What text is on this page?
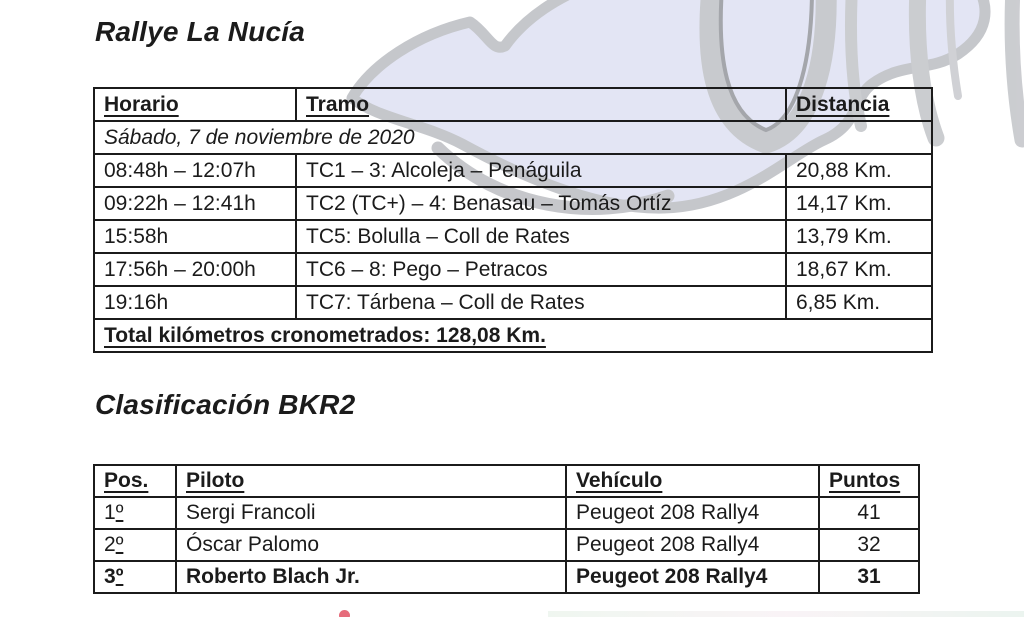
Rallye La Nucía
Horario	Tramo	Distancia
Sábado, 7 de noviembre de 2020		
08:48h – 12:07h	TC1 – 3: Alcoleja – Penáguila	20,88 Km.
09:22h – 12:41h	TC2 (TC+) – 4: Benasau – Tomás Ortíz	14,17 Km.
15:58h	TC5: Bolulla – Coll de Rates	13,79 Km.
17:56h – 20:00h	TC6 – 8: Pego – Petracos	18,67 Km.
19:16h	TC7: Tárbena – Coll de Rates	6,85 Km.
Total kilómetros cronometrados: 128,08 Km.		
Clasificación BKR2
Pos.	Piloto	Vehículo	Puntos
1º	Sergi Francoli	Peugeot 208 Rally4	41
2º	Óscar Palomo	Peugeot 208 Rally4	32
3º	Roberto Blach Jr.	Peugeot 208 Rally4	31
